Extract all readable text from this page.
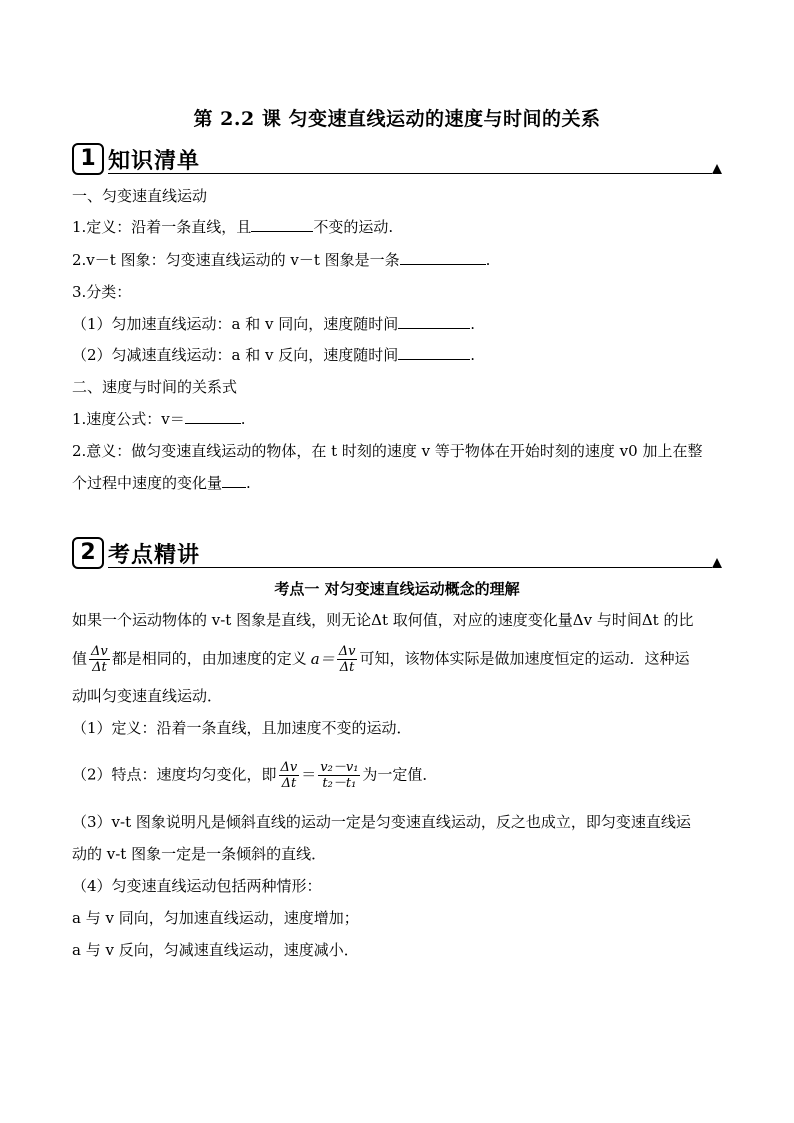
第 2.2 课 匀变速直线运动的速度与时间的关系
1 知识清单
一、匀变速直线运动
1.定义：沿着一条直线，且	不变的运动.
2.v－t 图象：匀变速直线运动的 v－t 图象是一条	.
3.分类：
（1）匀加速直线运动：a 和 v 同向，速度随时间	.
（2）匀减速直线运动：a 和 v 反向，速度随时间	.
二、速度与时间的关系式
1.速度公式：v＝	.
2.意义：做匀变速直线运动的物体，在 t 时刻的速度 v 等于物体在开始时刻的速度 v0 加上在整
个过程中速度的变化量 .
2 考点精讲
考点一 对匀变速直线运动概念的理解
如果一个运动物体的 v-t 图象是直线，则无论Δt 取何值，对应的速度变化量Δv 与时间Δt 的比
值 $\frac{\Delta v}{\Delta t}$ 都是相同的，由加速度的定义 $a= \frac{\Delta v}{\Delta t}$ 可知，该物体实际是做加速度恒定的运动．这种运
动叫匀变速直线运动．
（1）定义：沿着一条直线，且加速度不变的运动．
（2）特点：速度均匀变化，即 $\frac{\Delta v}{\Delta t} = \frac{\text{v₂－v₁}}{\text{t₂－t₁}}$ 为一定值．
（3）v-t 图象说明凡是倾斜直线的运动一定是匀变速直线运动，反之也成立，即匀变速直线运
动的 v-t 图象一定是一条倾斜的直线．
（4）匀变速直线运动包括两种情形：
a 与 v 同向，匀加速直线运动，速度增加；
a 与 v 反向，匀减速直线运动，速度减小．
